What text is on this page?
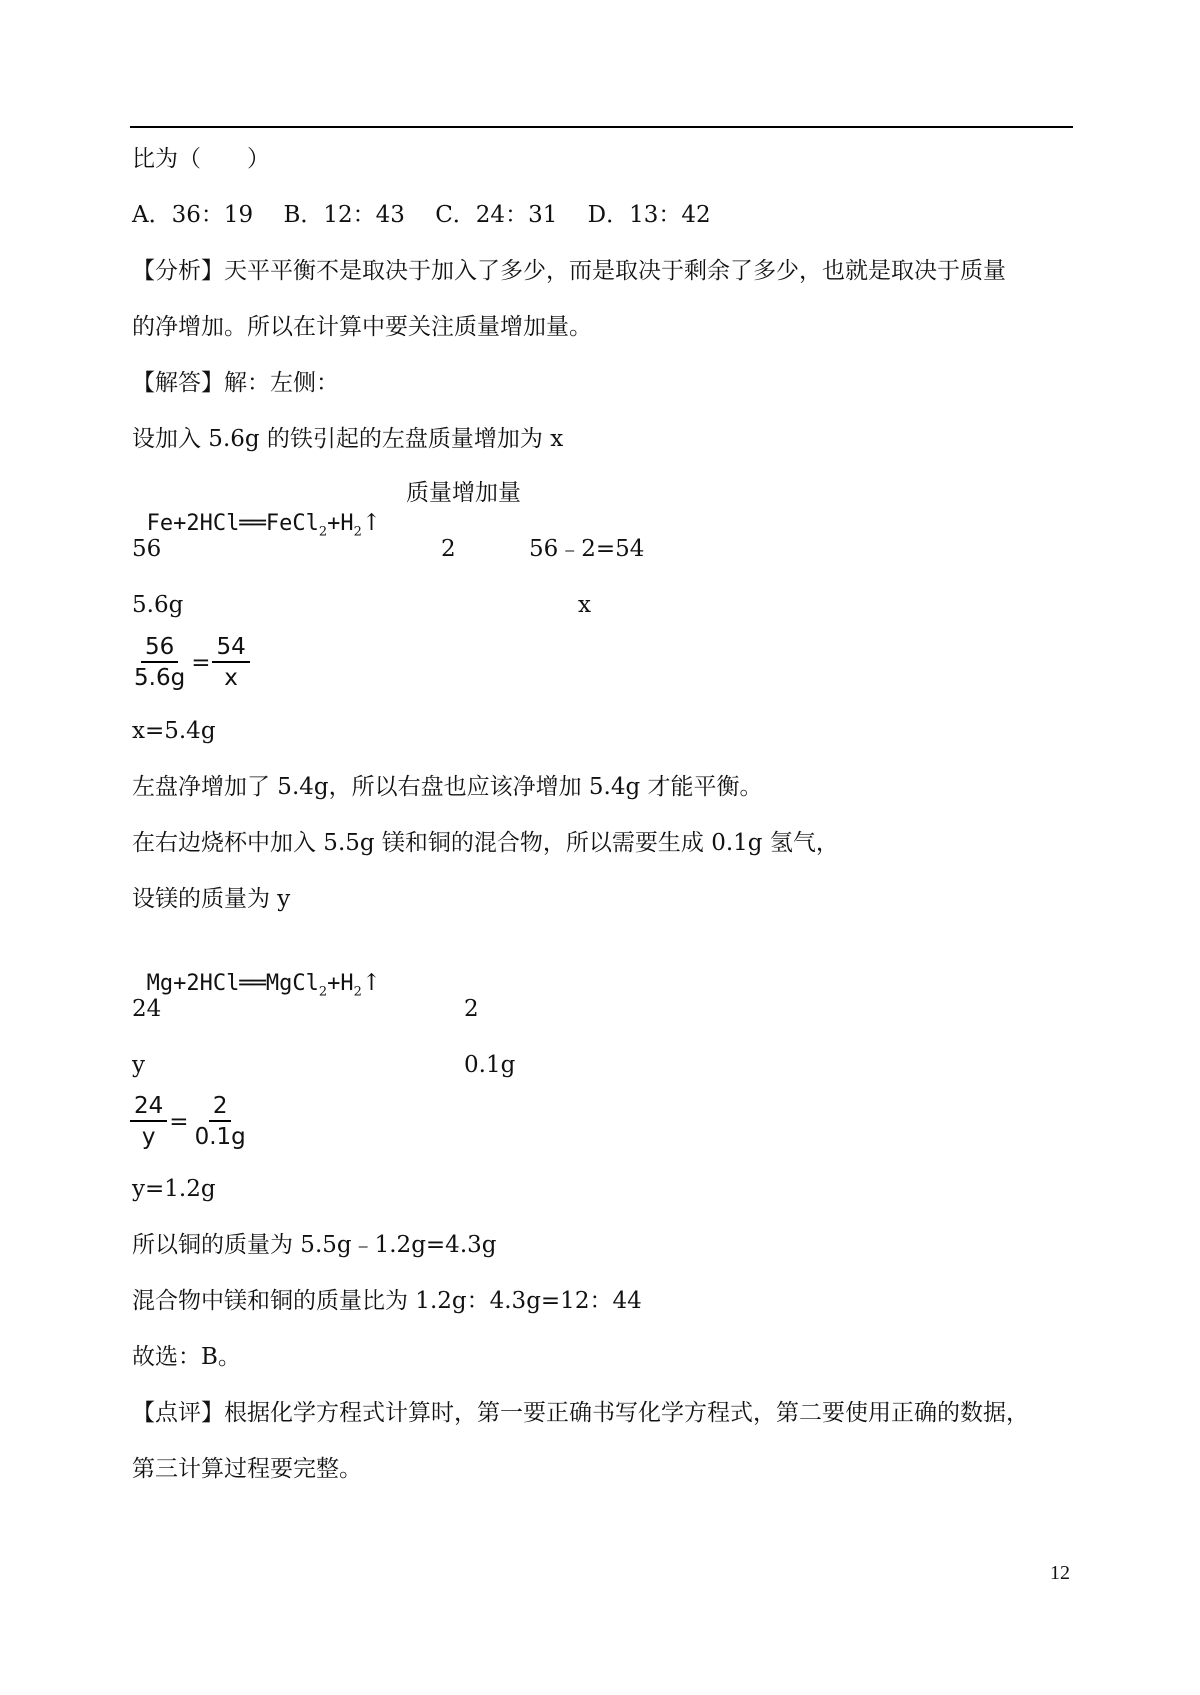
比为（　　）
A．36：19　 B．12：43　 C．24：31　 D．13：42
【分析】天平平衡不是取决于加入了多少，而是取决于剩余了多少，也就是取决于质量
的净增加。所以在计算中要关注质量增加量。
【解答】解：左侧：
设加入 5.6g 的铁引起的左盘质量增加为 x

$Fe+2HCl══FeCl_2+H_2↑$

质量增加量
56	2	56﹣2=54
5.6g	x
$\frac{56}{5.6g} = \frac{54}{x}$
x=5.4g
左盘净增加了 5.4g，所以右盘也应该净增加 5.4g 才能平衡。
在右边烧杯中加入 5.5g 镁和铜的混合物，所以需要生成 0.1g 氢气，
设镁的质量为 y

$Mg+2HCl══MgCl_2+H_2↑$

24	2
y	0.1g
$\frac{24}{y} = \frac{2}{0.1g}$
y=1.2g
所以铜的质量为 5.5g﹣1.2g=4.3g
混合物中镁和铜的质量比为 1.2g：4.3g=12：44
故选：B。
【点评】根据化学方程式计算时，第一要正确书写化学方程式，第二要使用正确的数据，
第三计算过程要完整。
12
